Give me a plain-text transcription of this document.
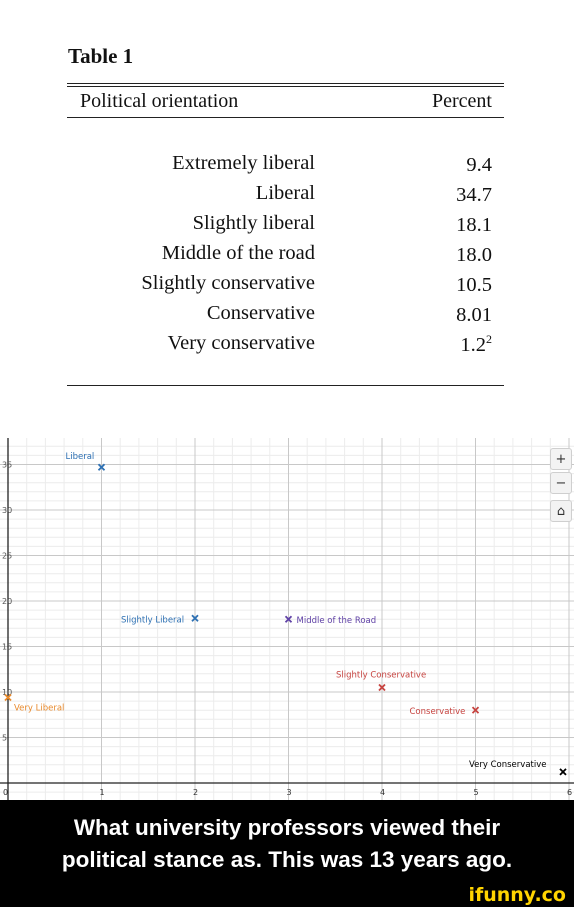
Table 1
Political orientation	Percent
Extremely liberal	9.4
Liberal	34.7
Slightly liberal	18.1
Middle of the road	18.0
Slightly conservative	10.5
Conservative	8.01
Very conservative	$1.2^2$
0	1	2	3	4	5	6
5
10
15
20
25
30
35
Very Liberal
Liberal
Slightly Liberal	Middle of the Road
Slightly Conservative
Conservative
Very Conservative
+
−
⌂
What university professors viewed their
political stance as. This was 13 years ago.
ifunny.co
